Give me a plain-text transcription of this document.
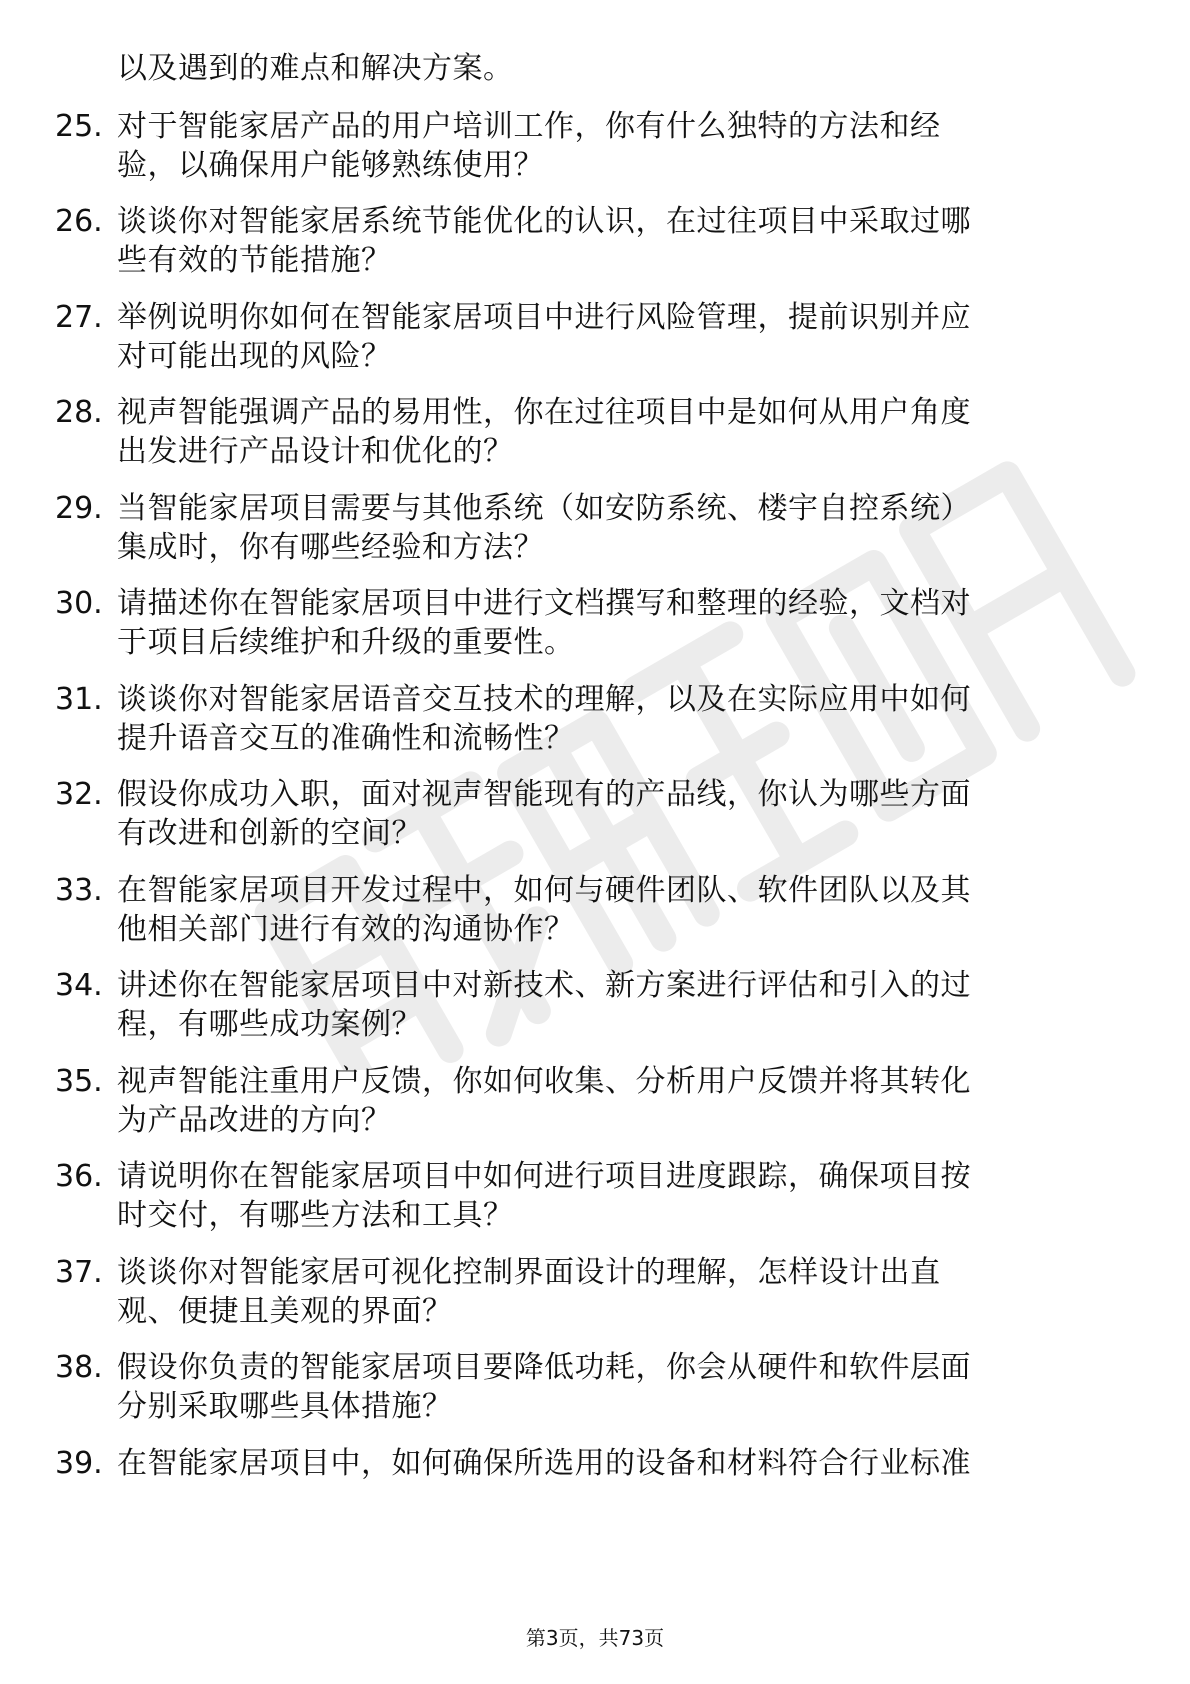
以及遇到的难点和解决方案。
25. 对于智能家居产品的用户培训工作，你有什么独特的方法和经
验，以确保用户能够熟练使用？
26. 谈谈你对智能家居系统节能优化的认识，在过往项目中采取过哪
些有效的节能措施？
27. 举例说明你如何在智能家居项目中进行风险管理，提前识别并应
对可能出现的风险？
28. 视声智能强调产品的易用性，你在过往项目中是如何从用户角度
出发进行产品设计和优化的？
29. 当智能家居项目需要与其他系统（如安防系统、楼宇自控系统）
集成时，你有哪些经验和方法？
30. 请描述你在智能家居项目中进行文档撰写和整理的经验，文档对
于项目后续维护和升级的重要性。
31. 谈谈你对智能家居语音交互技术的理解，以及在实际应用中如何
提升语音交互的准确性和流畅性？
32. 假设你成功入职，面对视声智能现有的产品线，你认为哪些方面
有改进和创新的空间？
33. 在智能家居项目开发过程中，如何与硬件团队、软件团队以及其
他相关部门进行有效的沟通协作？
34. 讲述你在智能家居项目中对新技术、新方案进行评估和引入的过
程，有哪些成功案例？
35. 视声智能注重用户反馈，你如何收集、分析用户反馈并将其转化
为产品改进的方向？
36. 请说明你在智能家居项目中如何进行项目进度跟踪，确保项目按
时交付，有哪些方法和工具？
37. 谈谈你对智能家居可视化控制界面设计的理解，怎样设计出直
观、便捷且美观的界面？
38. 假设你负责的智能家居项目要降低功耗，你会从硬件和软件层面
分别采取哪些具体措施？
39. 在智能家居项目中，如何确保所选用的设备和材料符合行业标准
第3页，共73页
